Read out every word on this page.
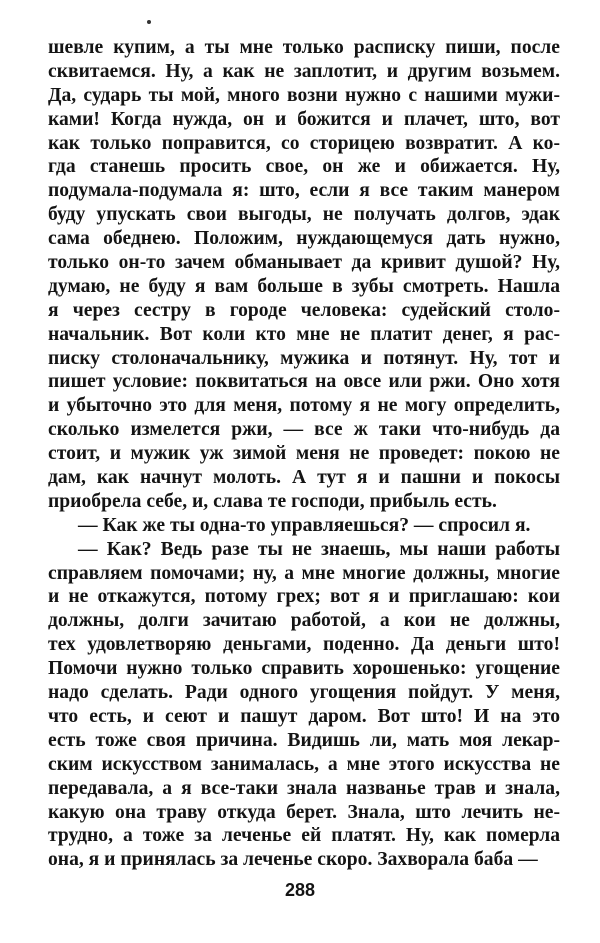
шевле купим, а ты мне только расписку пиши, после
сквитаемся. Ну, а как не заплотит, и другим возьмем.
Да, сударь ты мой, много возни нужно с нашими мужи-
ками! Когда нужда, он и божится и плачет, што, вот
как только поправится, со сторицею возвратит. А ко-
гда станешь просить свое, он же и обижается. Ну,
подумала-подумала я: што, если я все таким манером
буду упускать свои выгоды, не получать долгов, эдак
сама обеднею. Положим, нуждающемуся дать нужно,
только он-то зачем обманывает да кривит душой? Ну,
думаю, не буду я вам больше в зубы смотреть. Нашла
я через сестру в городе человека: судейский столо-
начальник. Вот коли кто мне не платит денег, я рас-
писку столоначальнику, мужика и потянут. Ну, тот и
пишет условие: поквитаться на овсе или ржи. Оно хотя
и убыточно это для меня, потому я не могу определить,
сколько измелется ржи, — все ж таки что-нибудь да
стоит, и мужик уж зимой меня не проведет: покою не
дам, как начнут молоть. А тут я и пашни и покосы
приобрела себе, и, слава те господи, прибыль есть.
— Как же ты одна-то управляешься? — спросил я.
— Как? Ведь разе ты не знаешь, мы наши работы
справляем помочами; ну, а мне многие должны, многие
и не откажутся, потому грех; вот я и приглашаю: кои
должны, долги зачитаю работой, а кои не должны,
тех удовлетворяю деньгами, поденно. Да деньги што!
Помочи нужно только справить хорошенько: угощение
надо сделать. Ради одного угощения пойдут. У меня,
что есть, и сеют и пашут даром. Вот што! И на это
есть тоже своя причина. Видишь ли, мать моя лекар-
ским искусством занималась, а мне этого искусства не
передавала, а я все-таки знала названье трав и знала,
какую она траву откуда берет. Знала, што лечить не-
трудно, а тоже за леченье ей платят. Ну, как померла
она, я и принялась за леченье скоро. Захворала баба —
288
